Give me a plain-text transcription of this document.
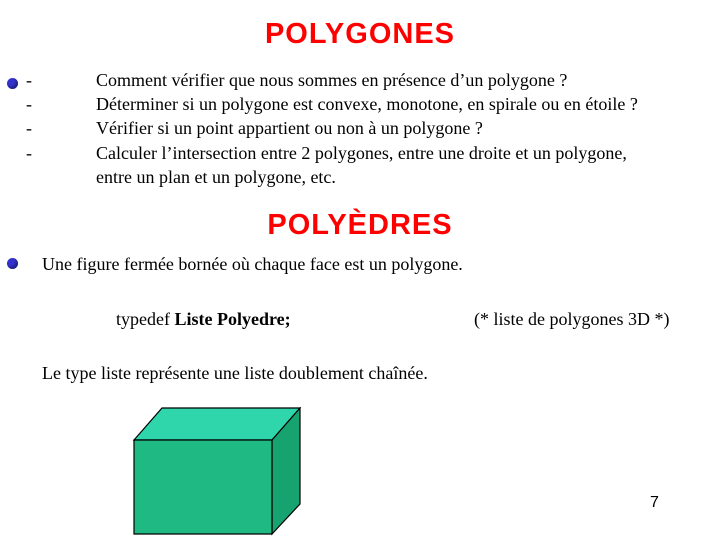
POLYGONES
-
-
-
-
Comment vérifier que nous sommes en présence d’un polygone ?
Déterminer si un polygone est convexe, monotone, en spirale ou en étoile ?
Vérifier si un point appartient ou non à un polygone ?
Calculer l’intersection entre 2 polygones, entre une droite et un polygone,
entre un plan et un polygone, etc.
POLYÈDRES
Une figure fermée bornée où chaque face est un polygone.
typedef Liste Polyedre;	(* liste de polygones 3D *)
Le type liste représente une liste doublement chaînée.
7
